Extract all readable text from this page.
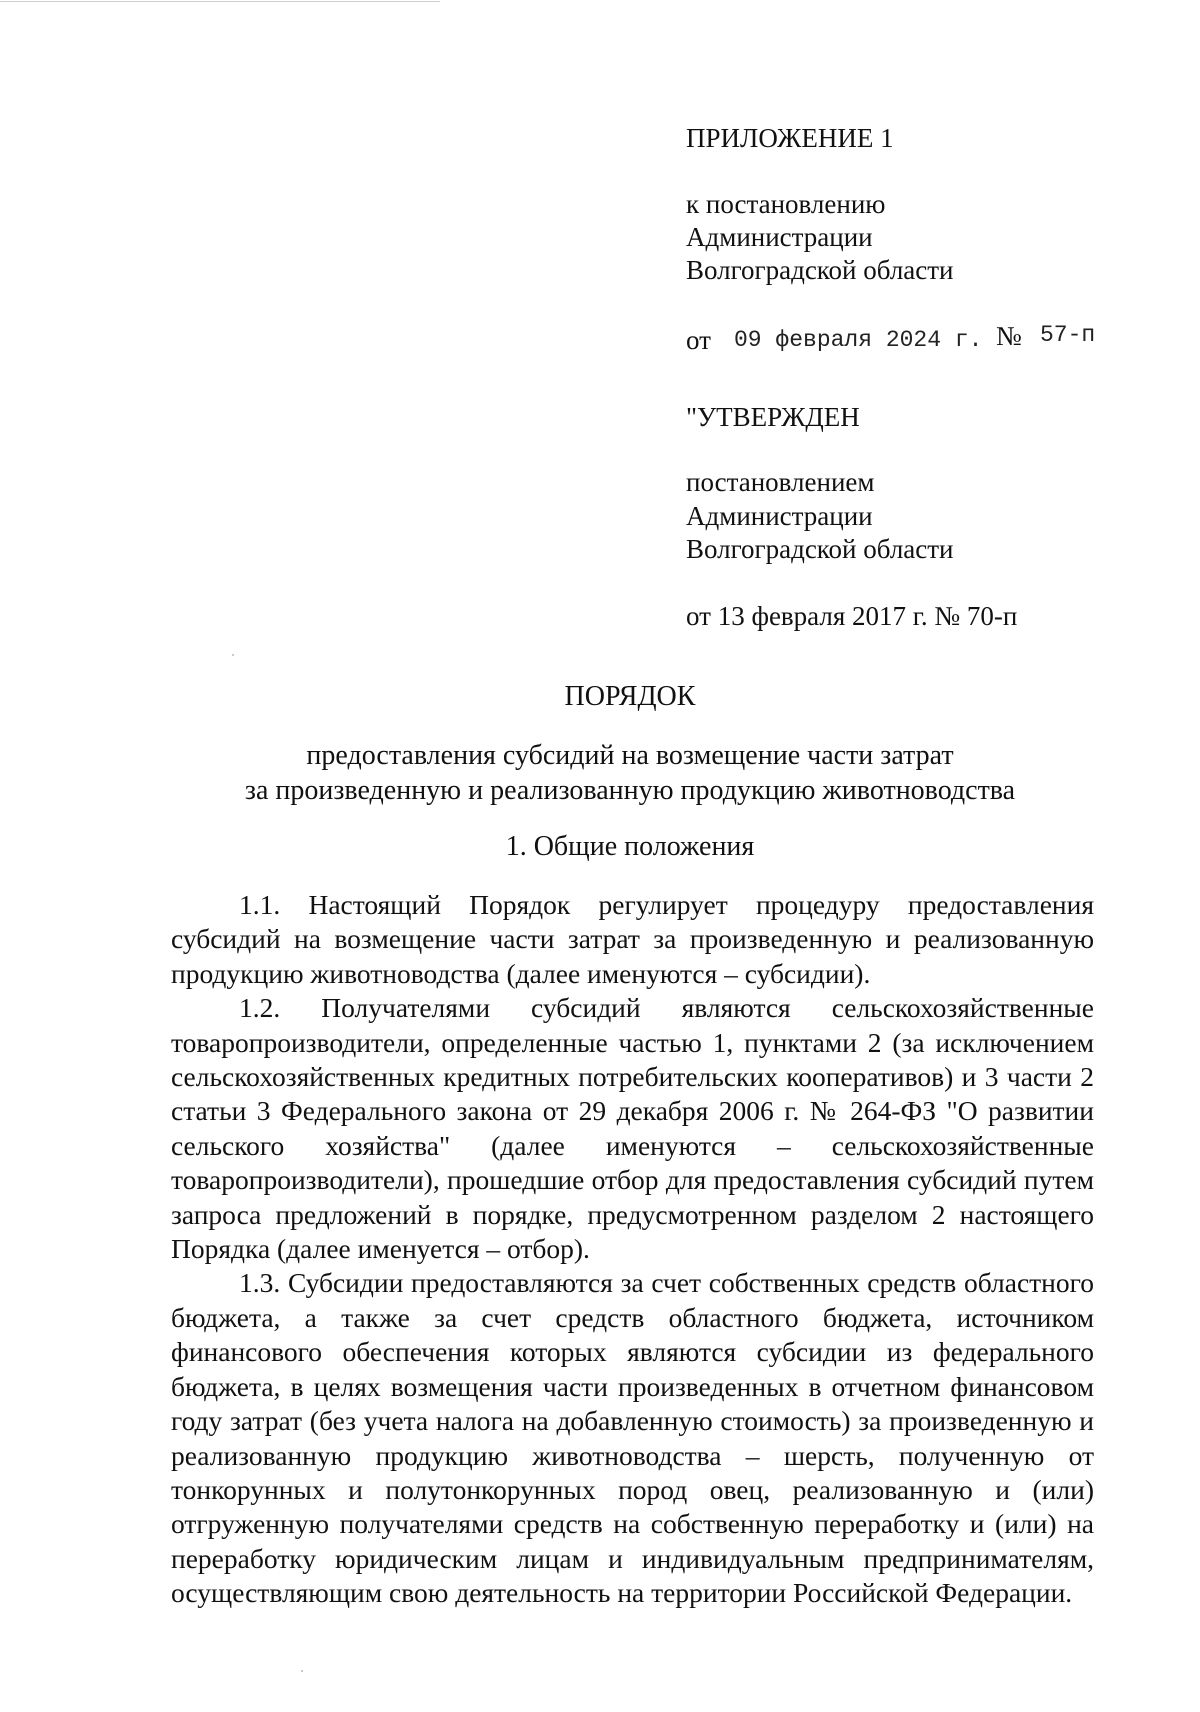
ПРИЛОЖЕНИЕ 1
к постановлению
Администрации
Волгоградской области
от 09 февраля 2024 г. № 57-п
"УТВЕРЖДЕН
постановлением
Администрации
Волгоградской области
от 13 февраля 2017 г. № 70-п
ПОРЯДОК
предоставления субсидий на возмещение части затрат
за произведенную и реализованную продукцию животноводства
1. Общие положения

1.1. Настоящий Порядок регулирует процедуру предоставления субсидий на возмещение части затрат за произведенную и реализованную продукцию животноводства (далее именуются – субсидии).

1.2. Получателями субсидий являются сельскохозяйственные товаропроизводители, определенные частью 1, пунктами 2 (за исключением сельскохозяйственных кредитных потребительских кооперативов) и 3 части 2 статьи 3 Федерального закона от 29 декабря 2006 г. № 264-ФЗ "О развитии сельского хозяйства" (далее именуются – сельскохозяйственные товаропроизводители), прошедшие отбор для предоставления субсидий путем запроса предложений в порядке, предусмотренном разделом 2 настоящего Порядка (далее именуется – отбор).

1.3. Субсидии предоставляются за счет собственных средств областного бюджета, а также за счет средств областного бюджета, источником финансового обеспечения которых являются субсидии из федерального бюджета, в целях возмещения части произведенных в отчетном финансовом году затрат (без учета налога на добавленную стоимость) за произведенную и реализованную продукцию животноводства – шерсть, полученную от тонкорунных и полутонкорунных пород овец, реализованную и (или) отгруженную получателями средств на собственную переработку и (или) на переработку юридическим лицам и индивидуальным предпринимателям, осуществляющим свою деятельность на территории Российской Федерации.
